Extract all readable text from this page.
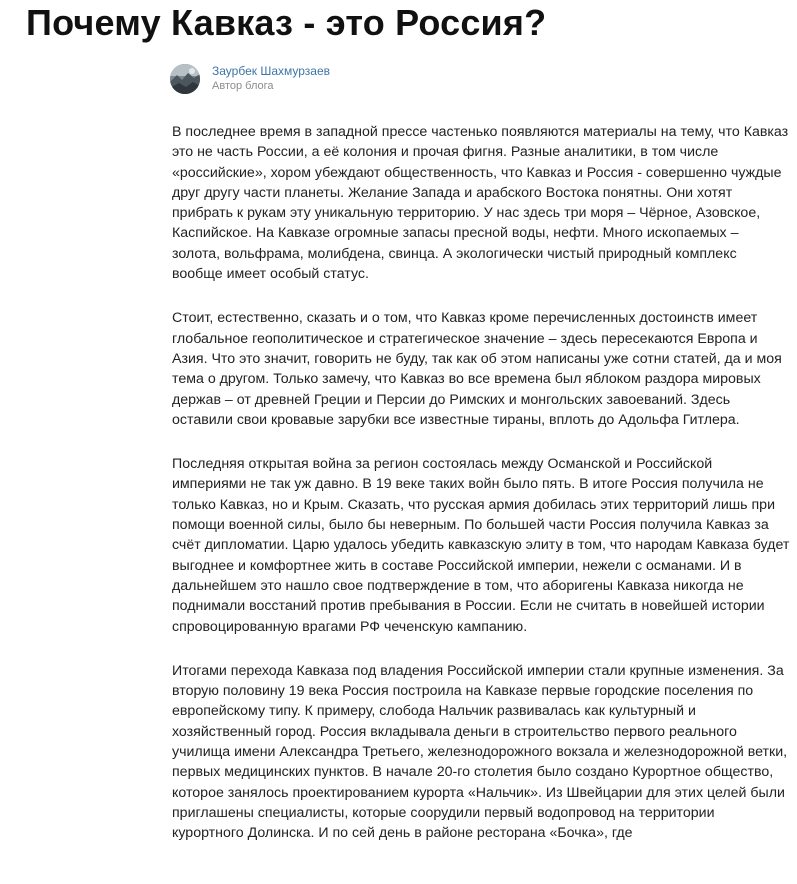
Почему Кавказ - это Россия?
Заурбек Шахмурзаев
Автор блога

В последнее время в западной прессе частенько появляются материалы на тему, что Кавказ это не часть России, а её колония и прочая фигня. Разные аналитики, в том числе «российские», хором убеждают общественность, что Кавказ и Россия - совершенно чуждые друг другу части планеты. Желание Запада и арабского Востока понятны. Они хотят прибрать к рукам эту уникальную территорию. У нас здесь три моря – Чёрное, Азовское, Каспийское. На Кавказе огромные запасы пресной воды, нефти. Много ископаемых – золота, вольфрама, молибдена, свинца. А экологически чистый природный комплекс вообще имеет особый статус.

Стоит, естественно, сказать и о том, что Кавказ кроме перечисленных достоинств имеет глобальное геополитическое и стратегическое значение – здесь пересекаются Европа и Азия. Что это значит, говорить не буду, так как об этом написаны уже сотни статей, да и моя тема о другом. Только замечу, что Кавказ во все времена был яблоком раздора мировых держав – от древней Греции и Персии до Римских и монгольских завоеваний. Здесь оставили свои кровавые зарубки все известные тираны, вплоть до Адольфа Гитлера.

Последняя открытая война за регион состоялась между Османской и Российской империями не так уж давно. В 19 веке таких войн было пять. В итоге Россия получила не только Кавказ, но и Крым. Сказать, что русская армия добилась этих территорий лишь при помощи военной силы, было бы неверным. По большей части Россия получила Кавказ за счёт дипломатии. Царю удалось убедить кавказскую элиту в том, что народам Кавказа будет выгоднее и комфортнее жить в составе Российской империи, нежели с османами. И в дальнейшем это нашло свое подтверждение в том, что аборигены Кавказа никогда не поднимали восстаний против пребывания в России. Если не считать в новейшей истории спровоцированную врагами РФ чеченскую кампанию.

Итогами перехода Кавказа под владения Российской империи стали крупные изменения. За вторую половину 19 века Россия построила на Кавказе первые городские поселения по европейскому типу. К примеру, слобода Нальчик развивалась как культурный и хозяйственный город. Россия вкладывала деньги в строительство первого реального училища имени Александра Третьего, железнодорожного вокзала и железнодорожной ветки, первых медицинских пунктов. В начале 20-го столетия было создано Курортное общество, которое занялось проектированием курорта «Нальчик». Из Швейцарии для этих целей были приглашены специалисты, которые соорудили первый водопровод на территории курортного Долинска. И по сей день в районе ресторана «Бочка», где
